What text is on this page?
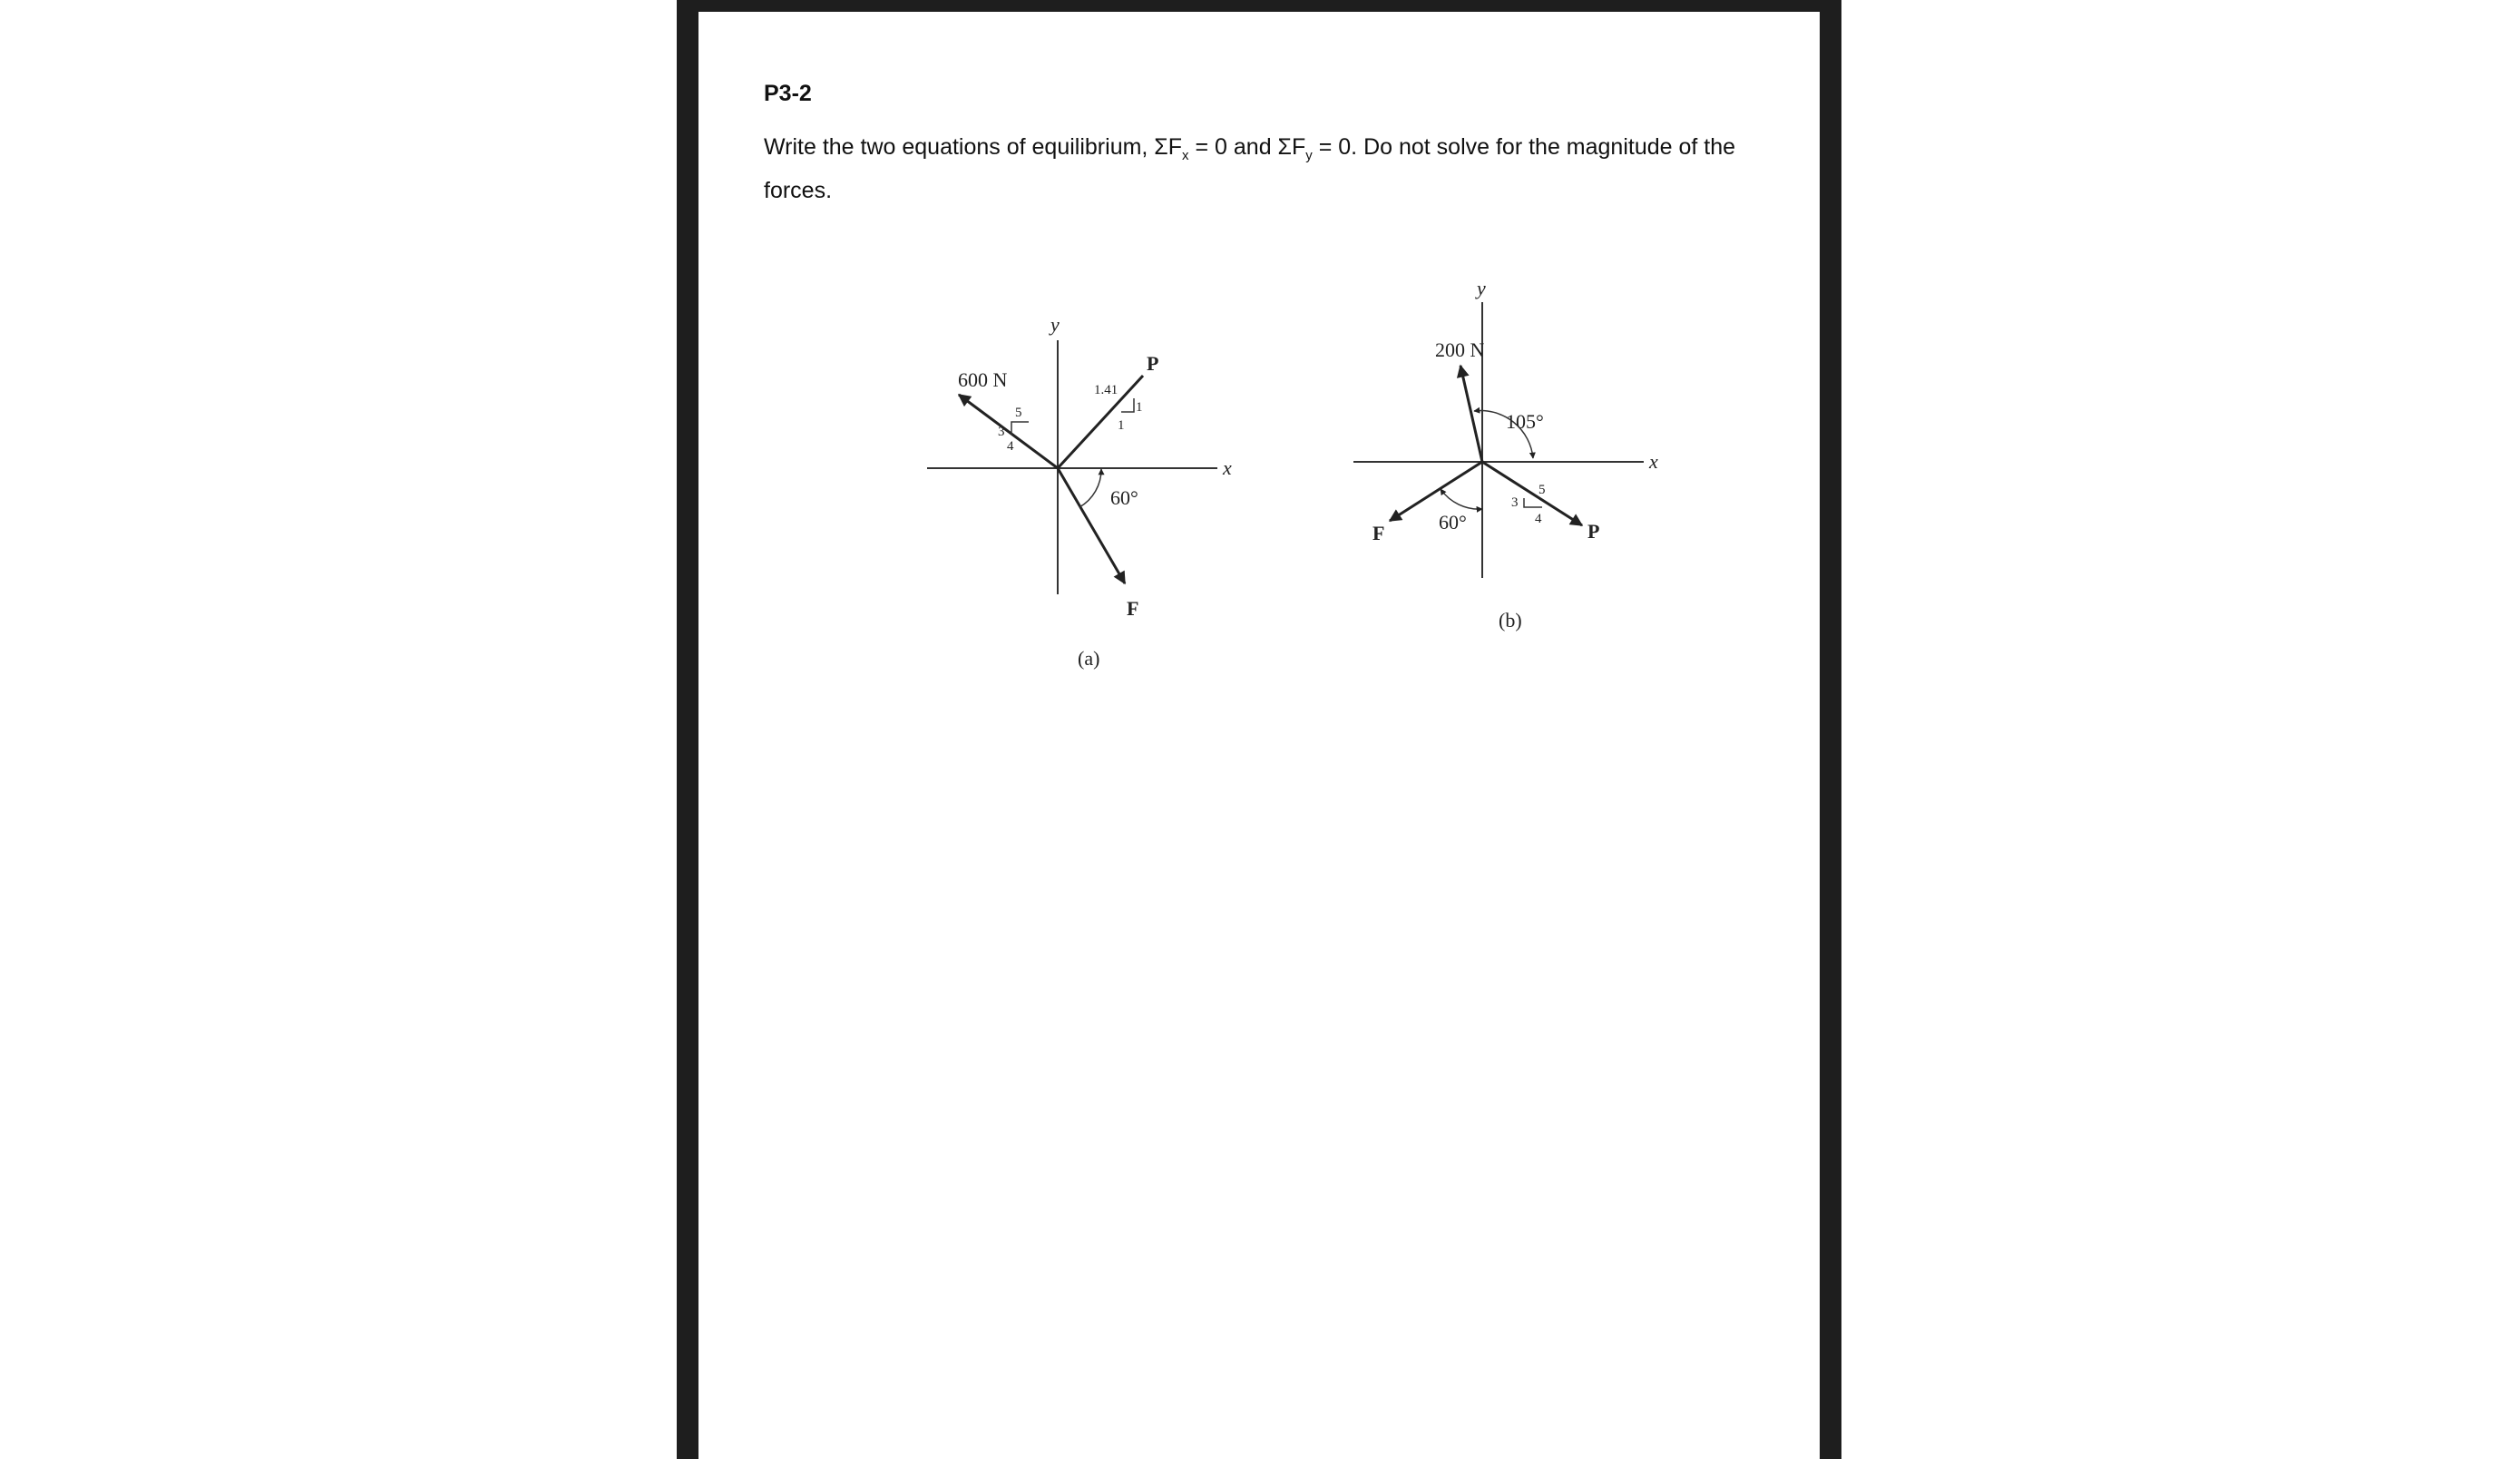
P3-2

Write the two equations of equilibrium, $\Sigma F_x = 0$ and $\Sigma F_y = 0$. Do not solve for the magnitude of the forces.

x
y
600 N
5
3
4
P
1.41
1
1
F
60°
(a)
x
y
200 N
105°
P
5
3
4
F	60°
(b)
